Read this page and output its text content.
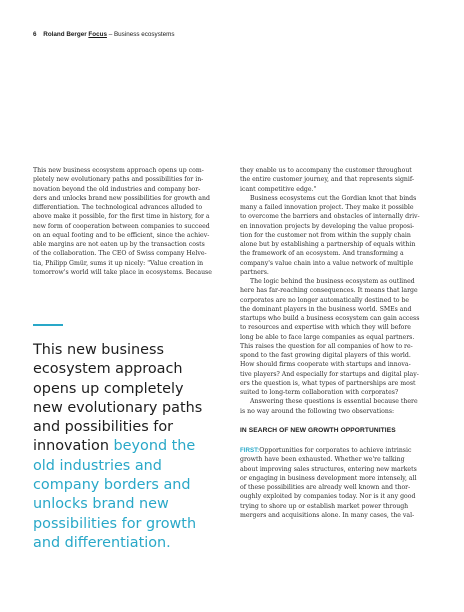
6 Roland Berger Focus – Business ecosystems
This new business ecosystem approach opens up com-
pletely new evolutionary paths and possibilities for in-
novation beyond the old industries and company bor-
ders and unlocks brand new possibilities for growth and
differentiation. The technological advances alluded to
above make it possible, for the first time in history, for a
new form of cooperation between companies to succeed
on an equal footing and to be efficient, since the achiev-
able margins are not eaten up by the transaction costs
of the collaboration. The CEO of Swiss company Helve-
tia, Philipp Gmür, sums it up nicely: "Value creation in
tomorrow's world will take place in ecosystems. Because
This new business
ecosystem approach
opens up completely
new evolutionary paths
and possibilities for
innovation beyond the
old industries and
company borders and
unlocks brand new
possibilities for growth
and differentiation.

they enable us to accompany the customer throughout
the entire customer journey, and that represents signif-
icant competitive edge."

Business ecosystems cut the Gordian knot that binds
many a failed innovation project. They make it possible
to overcome the barriers and obstacles of internally driv-
en innovation projects by developing the value proposi-
tion for the customer not from within the supply chain
alone but by establishing a partnership of equals within
the framework of an ecosystem. And transforming a
company's value chain into a value network of multiple
partners.

The logic behind the business ecosystem as outlined
here has far-reaching consequences. It means that large
corporates are no longer automatically destined to be
the dominant players in the business world. SMEs and
startups who build a business ecosystem can gain access
to resources and expertise with which they will before
long be able to face large companies as equal partners.
This raises the question for all companies of how to re-
spond to the fast growing digital players of this world.
How should firms cooperate with startups and innova-
tive players? And especially for startups and digital play-
ers the question is, what types of partnerships are most
suited to long-term collaboration with corporates?

Answering these questions is essential because there
is no way around the following two observations:

IN SEARCH OF NEW GROWTH OPPORTUNITIES

FIRST:Opportunities for corporates to achieve intrinsic
growth have been exhausted. Whether we're talking
about improving sales structures, entering new markets
or engaging in business development more intensely, all
of these possibilities are already well known and thor-
oughly exploited by companies today. Nor is it any good
trying to shore up or establish market power through
mergers and acquisitions alone. In many cases, the val-
